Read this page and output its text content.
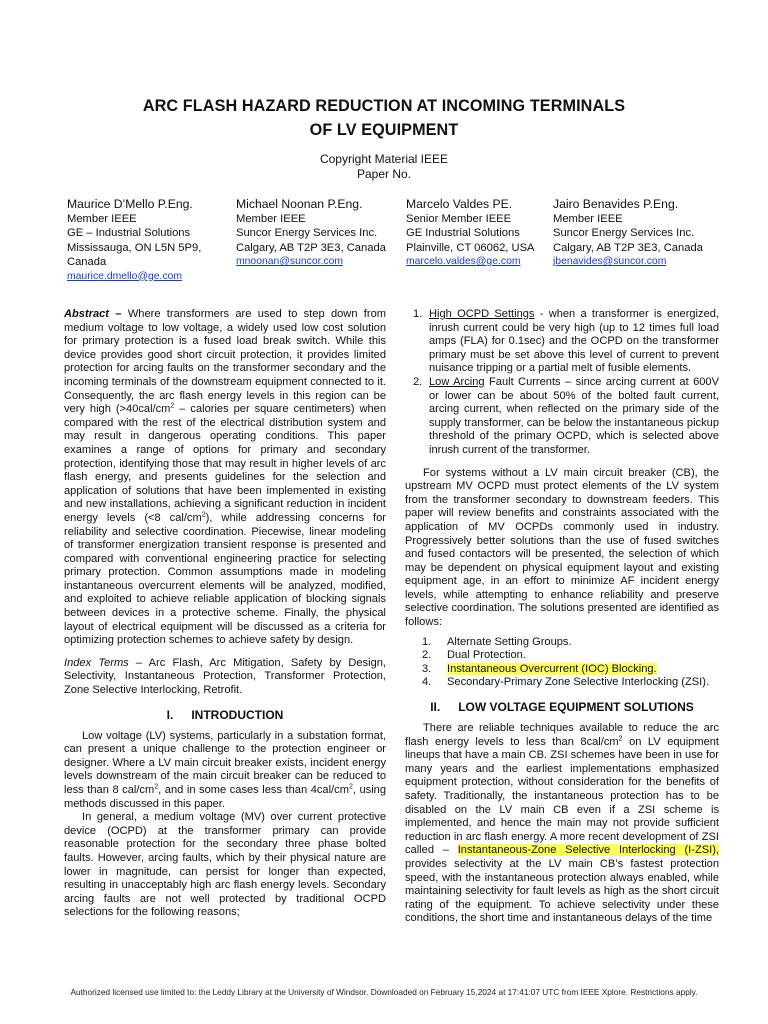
ARC FLASH HAZARD REDUCTION AT INCOMING TERMINALS
OF LV EQUIPMENT
Copyright Material IEEE
Paper No.
Maurice D’Mello P.Eng.
Member IEEE
GE – Industrial Solutions
Mississauga, ON L5N 5P9,
Canada
maurice.dmello@ge.com
Michael Noonan P.Eng.
Member IEEE
Suncor Energy Services Inc.
Calgary, AB T2P 3E3, Canada
mnoonan@suncor.com
Marcelo Valdes PE.
Senior Member IEEE
GE Industrial Solutions
Plainville, CT 06062, USA
marcelo.valdes@ge.com
Jairo Benavides P.Eng.
Member IEEE
Suncor Energy Services Inc.
Calgary, AB T2P 3E3, Canada
jbenavides@suncor.com

Abstract – Where transformers are used to step down from medium voltage to low voltage, a widely used low cost solution for primary protection is a fused load break switch. While this device provides good short circuit protection, it provides limited protection for arcing faults on the transformer secondary and the incoming terminals of the downstream equipment connected to it. Consequently, the arc flash energy levels in this region can be very high ($>40cal/cm^2$ – calories per square centimeters) when compared with the rest of the electrical distribution system and may result in dangerous operating conditions. This paper examines a range of options for primary and secondary protection, identifying those that may result in higher levels of arc flash energy, and presents guidelines for the selection and application of solutions that have been implemented in existing and new installations, achieving a significant reduction in incident energy levels (<8 cal/$cm^2$), while addressing concerns for reliability and selective coordination. Piecewise, linear modeling of transformer energization transient response is presented and compared with conventional engineering practice for selecting primary protection. Common assumptions made in modeling instantaneous overcurrent elements will be analyzed, modified, and exploited to achieve reliable application of blocking signals between devices in a protective scheme. Finally, the physical layout of electrical equipment will be discussed as a criteria for optimizing protection schemes to achieve safety by design.

Index Terms – Arc Flash, Arc Mitigation, Safety by Design, Selectivity, Instantaneous Protection, Transformer Protection, Zone Selective Interlocking, Retrofit.

I. INTRODUCTION

Low voltage (LV) systems, particularly in a substation format, can present a unique challenge to the protection engineer or designer. Where a LV main circuit breaker exists, incident energy levels downstream of the main circuit breaker can be reduced to less than 8 cal/$cm^2$, and in some cases less than $4cal/cm^2$, using methods discussed in this paper.

In general, a medium voltage (MV) over current protective device (OCPD) at the transformer primary can provide reasonable protection for the secondary three phase bolted faults. However, arcing faults, which by their physical nature are lower in magnitude, can persist for longer than expected, resulting in unacceptably high arc flash energy levels. Secondary arcing faults are not well protected by traditional OCPD selections for the following reasons;

1. High OCPD Settings - when a transformer is energized, inrush current could be very high (up to 12 times full load amps (FLA) for 0.1sec) and the OCPD on the transformer primary must be set above this level of current to prevent nuisance tripping or a partial melt of fusible elements.
2. Low Arcing Fault Currents – since arcing current at 600V or lower can be about 50% of the bolted fault current, arcing current, when reflected on the primary side of the supply transformer, can be below the instantaneous pickup threshold of the primary OCPD, which is selected above inrush current of the transformer.

For systems without a LV main circuit breaker (CB), the upstream MV OCPD must protect elements of the LV system from the transformer secondary to downstream feeders. This paper will review benefits and constraints associated with the application of MV OCPDs commonly used in industry. Progressively better solutions than the use of fused switches and fused contactors will be presented, the selection of which may be dependent on physical equipment layout and existing equipment age, in an effort to minimize AF incident energy levels, while attempting to enhance reliability and preserve selective coordination. The solutions presented are identified as follows:

1. Alternate Setting Groups.
2. Dual Protection.
3. Instantaneous Overcurrent (IOC) Blocking.
4. Secondary-Primary Zone Selective Interlocking (ZSI).
II. LOW VOLTAGE EQUIPMENT SOLUTIONS

There are reliable techniques available to reduce the arc flash energy levels to less than $8cal/cm^2$ on LV equipment lineups that have a main CB. ZSI schemes have been in use for many years and the earliest implementations emphasized equipment protection, without consideration for the benefits of safety. Traditionally, the instantaneous protection has to be disabled on the LV main CB even if a ZSI scheme is implemented, and hence the main may not provide sufficient reduction in arc flash energy. A more recent development of ZSI called – Instantaneous-Zone Selective Interlocking (I-ZSI), provides selectivity at the LV main CB’s fastest protection speed, with the instantaneous protection always enabled, while maintaining selectivity for fault levels as high as the short circuit rating of the equipment. To achieve selectivity under these conditions, the short time and instantaneous delays of the time

Authorized licensed use limited to: the Leddy Library at the University of Windsor. Downloaded on February 15,2024 at 17:41:07 UTC from IEEE Xplore. Restrictions apply.
